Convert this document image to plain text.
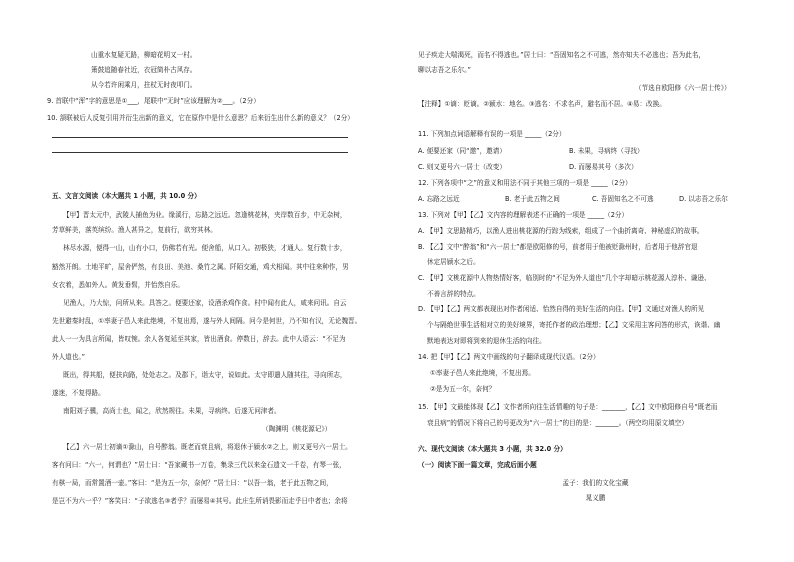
山重水复疑无路，柳暗花明又一村。
箫鼓追随春社近，衣冠简朴古风存。
从今若许闲乘月，拄杖无时夜叩门。
9. 首联中“浑”字的意思是①___，尾联中“无时”应该理解为②___。（2分）
10. 颔联被后人反复引用并衍生出新的意义，它在原作中是什么意思？后来衍生出什么新的意义？（2分）
五、文言文阅读（本大题共 1 小题，共 10.0 分）
【甲】晋太元中，武陵人捕鱼为业。缘溪行，忘路之远近。忽逢桃花林，夹岸数百步，中无杂树，
芳草鲜美，落英缤纷。渔人甚异之，复前行，欲穷其林。
林尽水源，便得一山，山有小口，仿佛若有光。便舍船，从口入。初极狭，才通人。复行数十步，
豁然开朗。土地平旷，屋舍俨然，有良田、美池、桑竹之属。阡陌交通，鸡犬相闻。其中往来种作，男
女衣着，悉如外人。黄发垂髫，并怡然自乐。
见渔人，乃大惊，问所从来。具答之。便要还家，设酒杀鸡作食。村中闻有此人，咸来问讯。自云
先世避秦时乱，①率妻子邑人来此绝境，不复出焉，遂与外人间隔。问今是何世，乃不知有汉，无论魏晋。
此人一一为具言所闻，皆叹惋。余人各复延至其家，皆出酒食。停数日，辞去。此中人语云：“不足为
外人道也。”
既出，得其船，便扶向路，处处志之。及郡下，诣太守，说如此。太守即遣人随其往，寻向所志，
遂迷，不复得路。
南阳刘子骥，高尚士也，闻之，欣然规往。未果，寻病终。后遂无问津者。
（陶渊明《桃花源记》）
【乙】六一居士初谪①滁山，自号醉翁。既老而衰且病，将退休于颍水②之上，则又更号六一居士。
客有问曰：“六一，何谓也？”居士曰：“吾家藏书一万卷，集录三代以来金石遗文一千卷，有琴一张，
有棋一局，而常置酒一壶。”客曰：“是为五一尔，奈何？”居士曰：“以吾一翁，老于此五物之间，
是岂不为六一乎？”客笑曰：“子欲逃名③者乎？而屡易④其号。此庄生所诮畏影而走乎日中者也；余将
见子疾走大喘渴死，而名不得逃也。”居士曰：“吾固知名之不可逃，然亦知夫不必逃也；吾为此名，
聊以志吾之乐尔。”
（节选自欧阳修《六一居士传》）
【注释】①谪：贬谪。②颍水：地名。③逃名：不求名声，避名而不居。④易：改换。
11. 下列加点词语解释有误的一项是 _____（2分）
A. 便要还家（同“邀”，邀请）	B. 未果，寻病终（寻找）
C. 则又更号六一居士（改变）	D. 而屡易其号（多次）
12. 下列各项中“之”的意义和用法不同于其他三项的一项是 _____（2分）
A. 忘路之远近	B. 老于此五物之间	C. 吾固知名之不可逃	D. 以志吾之乐尔
13. 下列对【甲】【乙】文内容的理解表述不正确的一项是 _____（2分）
A. 【甲】文思路精巧，以渔人进出桃花源的行踪为线索，组成了一个曲折离奇、神秘虚幻的故事。
B. 【乙】文中“醉翁”和“六一居士”都是欧阳修的号，前者用于他被贬滁州时，后者用于他辞官退
休定居颍水之后。
C. 【甲】文桃花源中人物热情好客，临别时的“不足为外人道也”几个字却暗示桃花源人淳朴、谦逊、
不善言辞的特点。
D. 【甲】【乙】两文都表现出对作者闲适、怡然自得的美好生活的向往。【甲】文通过对渔人的所见
个与隔绝世事生活相对立的美好境界，寄托作者的政治理想；【乙】文采用主客问答的形式，诙谐、幽
默地表达对即将到来的退休生活的向往。
14. 把【甲】【乙】两文中画线的句子翻译成现代汉语。（2分）
①率妻子邑人来此绝境，不复出焉。
②是为五一尔，奈何？
15. 【甲】文最能体现【乙】文作者所向往生活情趣的句子是：_______，【乙】文中欧阳修自号“既老而
衰且病”的情况下将自己的号更改为“六一居士”的目的是：_______。（两空均用原文填空）
六、现代文阅读（本大题共 3 小题，共 32.0 分）
（一）阅读下面一篇文章，完成后面小题
孟子：我们的文化宝藏
晁义鹏
